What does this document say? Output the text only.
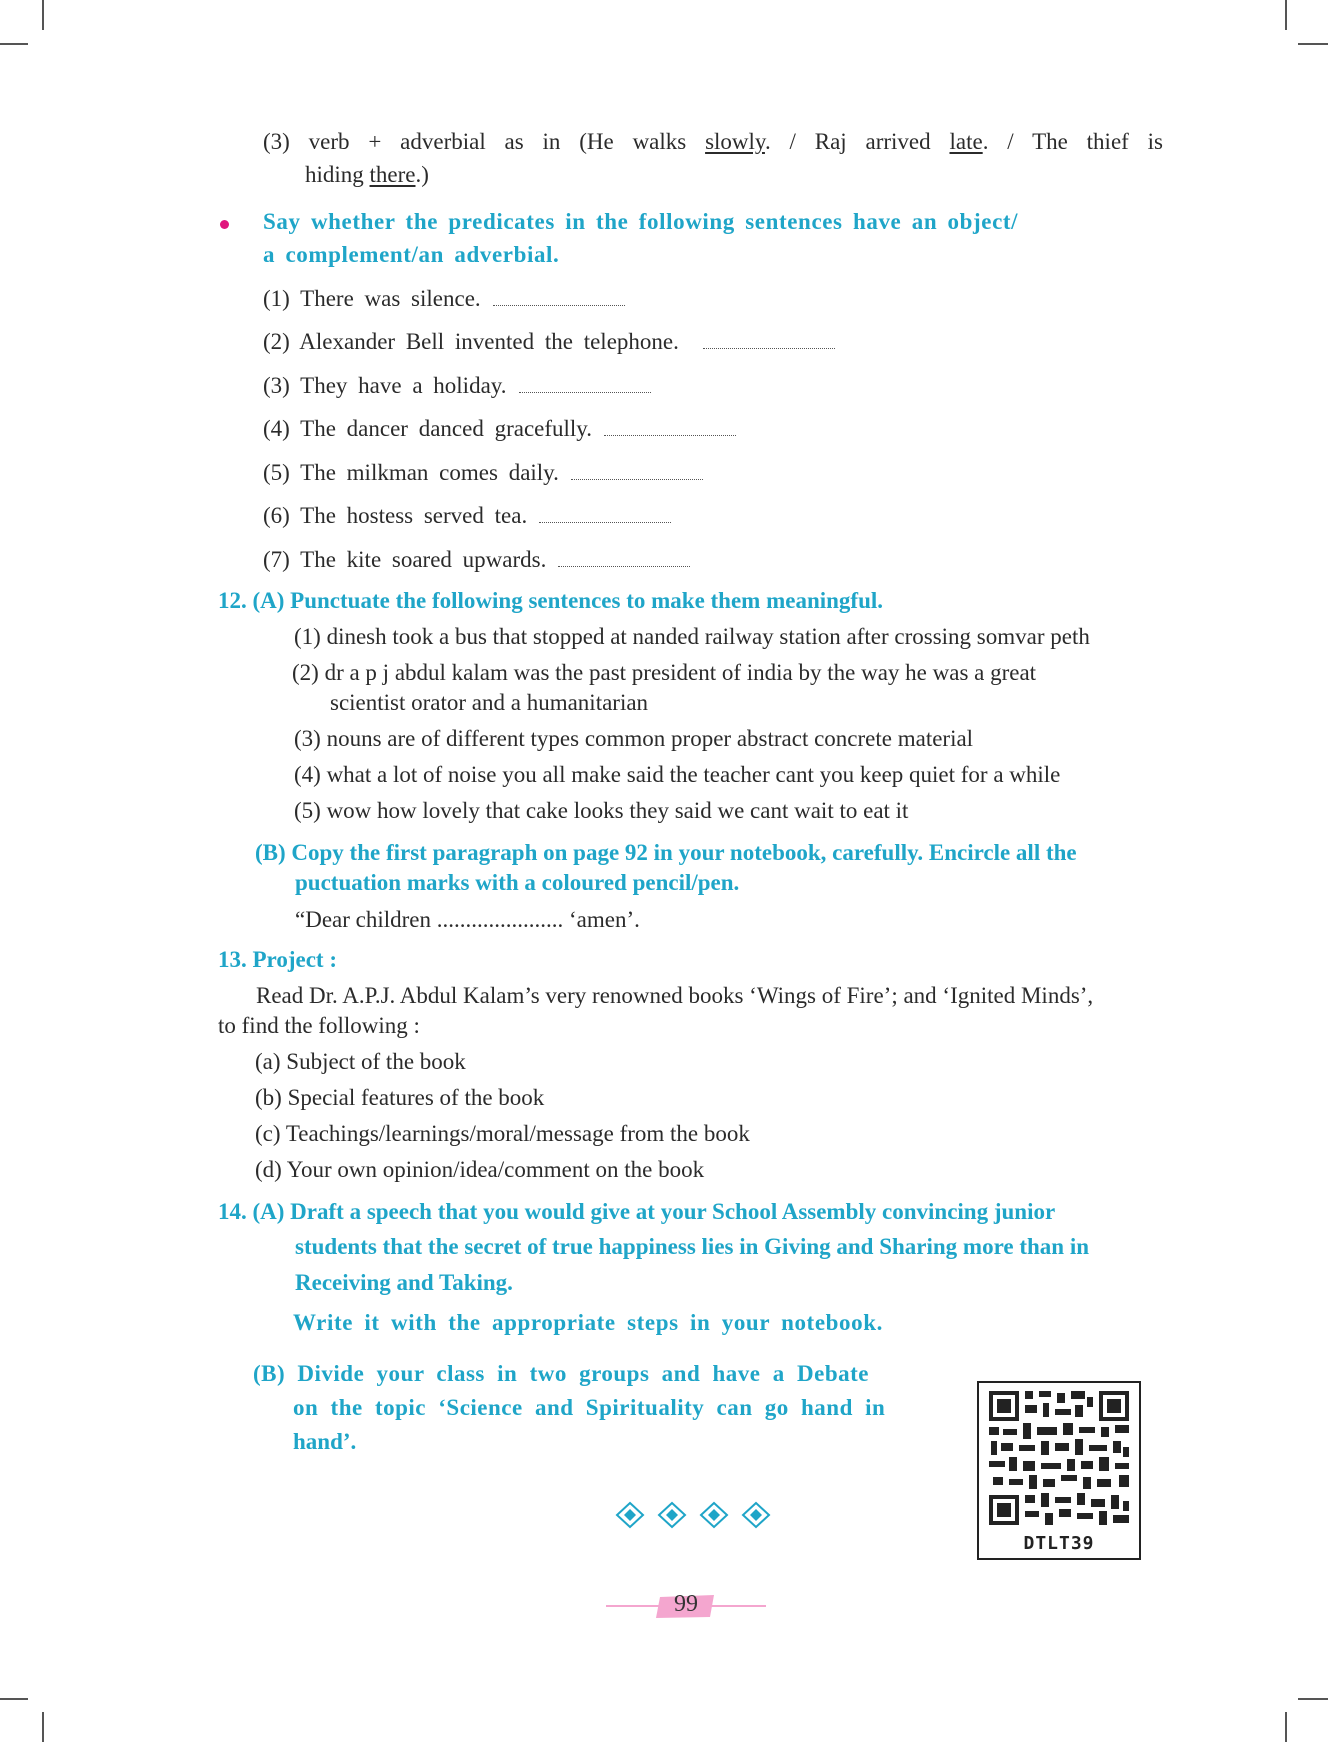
(3) verb + adverbial as in (He walks slowly. / Raj arrived late. / The thief is
hiding there.)
Say whether the predicates in the following sentences have an object/
a complement/an adverbial.
(1) There was silence.
(2) Alexander Bell invented the telephone.
(3) They have a holiday.
(4) The dancer danced gracefully.
(5) The milkman comes daily.
(6) The hostess served tea.
(7) The kite soared upwards.
12. (A) Punctuate the following sentences to make them meaningful.
(1) dinesh took a bus that stopped at nanded railway station after crossing somvar peth
(2) dr a p j abdul kalam was the past president of india by the way he was a great
scientist orator and a humanitarian
(3) nouns are of different types common proper abstract concrete material
(4) what a lot of noise you all make said the teacher cant you keep quiet for a while
(5) wow how lovely that cake looks they said we cant wait to eat it
(B) Copy the first paragraph on page 92 in your notebook, carefully. Encircle all the
puctuation marks with a coloured pencil/pen.
“Dear children ...................... ‘amen’.
13. Project :
Read Dr. A.P.J. Abdul Kalam’s very renowned books ‘Wings of Fire’; and ‘Ignited Minds’,
to find the following :
(a) Subject of the book
(b) Special features of the book
(c) Teachings/learnings/moral/message from the book
(d) Your own opinion/idea/comment on the book
14. (A) Draft a speech that you would give at your School Assembly convincing junior
students that the secret of true happiness lies in Giving and Sharing more than in
Receiving and Taking.
Write it with the appropriate steps in your notebook.
(B) Divide your class in two groups and have a Debate
on the topic ‘Science and Spirituality can go hand in
hand’.
DTLT39
99
